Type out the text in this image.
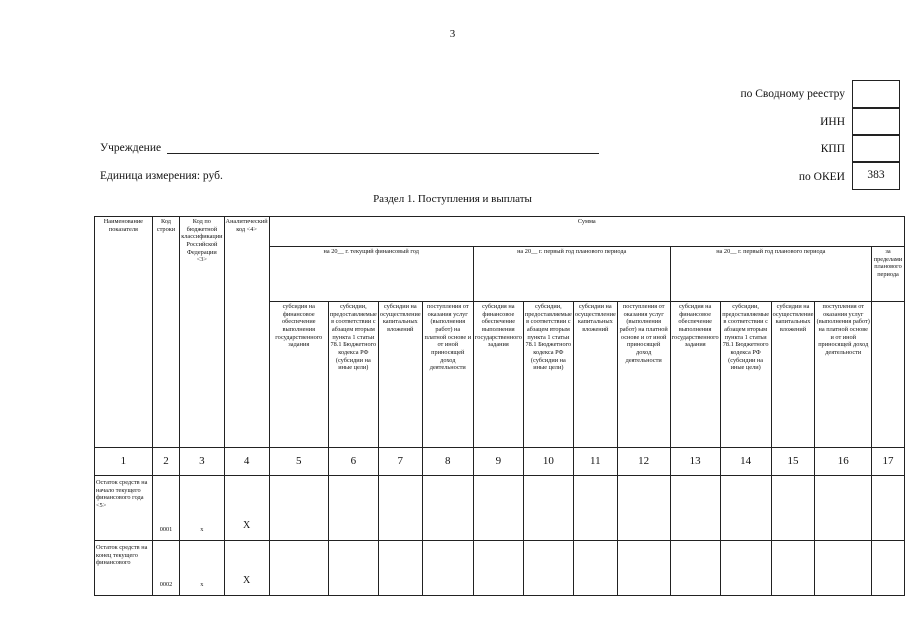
3
по Сводному реестру
ИНН
КПП
по ОКЕИ	383
Учреждение
Единица измерения: руб.
Раздел 1. Поступления и выплаты
Наименование показателя	Код строки	Код по бюджетной классификации Российской Федерации <3>	Аналитический код <4>	Сумма												
				на 20__ г. текущий финансовый год				на 20__ г. первый год планового периода				на 20__ г. первый год планового периода				за пределами планового периода
				субсидия на финансовое обеспечение выполнения государственного задания	субсидии, предоставляемые в соответствии с абзацем вторым пункта 1 статьи 78.1 Бюджетного кодекса РФ (субсидии на иные цели)	субсидии на осуществление капитальных вложений	поступления от оказания услуг (выполнения работ) на платной основе и от иной приносящей доход деятельности	субсидия на финансовое обеспечение выполнения государственного задания	субсидии, предоставляемые в соответствии с абзацем вторым пункта 1 статьи 78.1 Бюджетного кодекса РФ (субсидии на иные цели)	субсидии на осуществление капитальных вложений	поступления от оказания услуг (выполнения работ) на платной основе и от иной приносящей доход деятельности	субсидия на финансовое обеспечение выполнения государственного задания	субсидии, предоставляемые в соответствии с абзацем вторым пункта 1 статьи 78.1 Бюджетного кодекса РФ (субсидии на иные цели)	субсидии на осуществление капитальных вложений	поступления от оказания услуг (выполнения работ) на платной основе и от иной приносящей доход деятельности	
1	2	3	4	5	6	7	8	9	10	11	12	13	14	15	16	17
Остаток средств на начало текущего финансового года <5>	0001	x	X													
Остаток средств на конец текущего финансового	0002	x	X													
